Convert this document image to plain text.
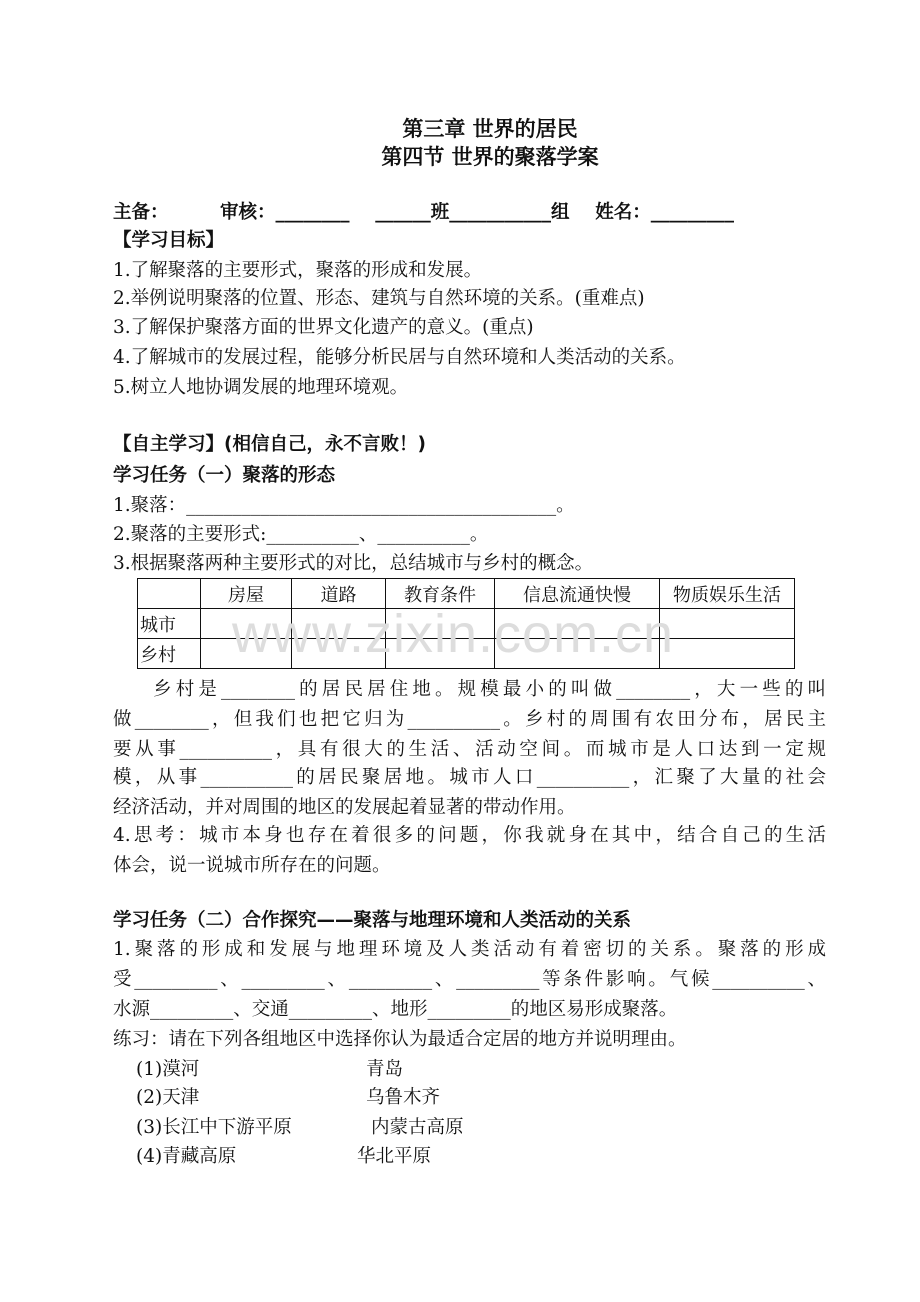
第三章 世界的居民
第四节 世界的聚落学案
主备：        审核：________    ______班___________组    姓名：_________
【学习目标】
1.了解聚落的主要形式，聚落的形成和发展。
2.举例说明聚落的位置、形态、建筑与自然环境的关系。(重难点)
3.了解保护聚落方面的世界文化遗产的意义。(重点)
4.了解城市的发展过程，能够分析民居与自然环境和人类活动的关系。
5.树立人地协调发展的地理环境观。
【自主学习】(相信自己，永不言败！)
学习任务（一）聚落的形态
1.聚落：________________________________________。
2.聚落的主要形式:__________、__________。
3.根据聚落两种主要形式的对比，总结城市与乡村的概念。
	房屋	道路	教育条件	信息流通快慢	物质娱乐生活
城市					
乡村					www.zixin.com.cn
乡村是________的居民居住地。规模最小的叫做________，大一些的叫
做________，但我们也把它归为__________。乡村的周围有农田分布，居民主
要从事__________，具有很大的生活、活动空间。而城市是人口达到一定规
模，从事__________的居民聚居地。城市人口__________，汇聚了大量的社会
经济活动，并对周围的地区的发展起着显著的带动作用。
4.思考：城市本身也存在着很多的问题，你我就身在其中，结合自己的生活
体会，说一说城市所存在的问题。
学习任务（二）合作探究——聚落与地理环境和人类活动的关系
1.聚落的形成和发展与地理环境及人类活动有着密切的关系。聚落的形成
受_________、_________、_________、_________等条件影响。气候__________、
水源_________、交通_________、地形_________的地区易形成聚落。
练习：请在下列各组地区中选择你认为最适合定居的地方并说明理由。
(1)漠河	青岛
(2)天津	乌鲁木齐
(3)长江中下游平原	内蒙古高原
(4)青藏高原	华北平原
